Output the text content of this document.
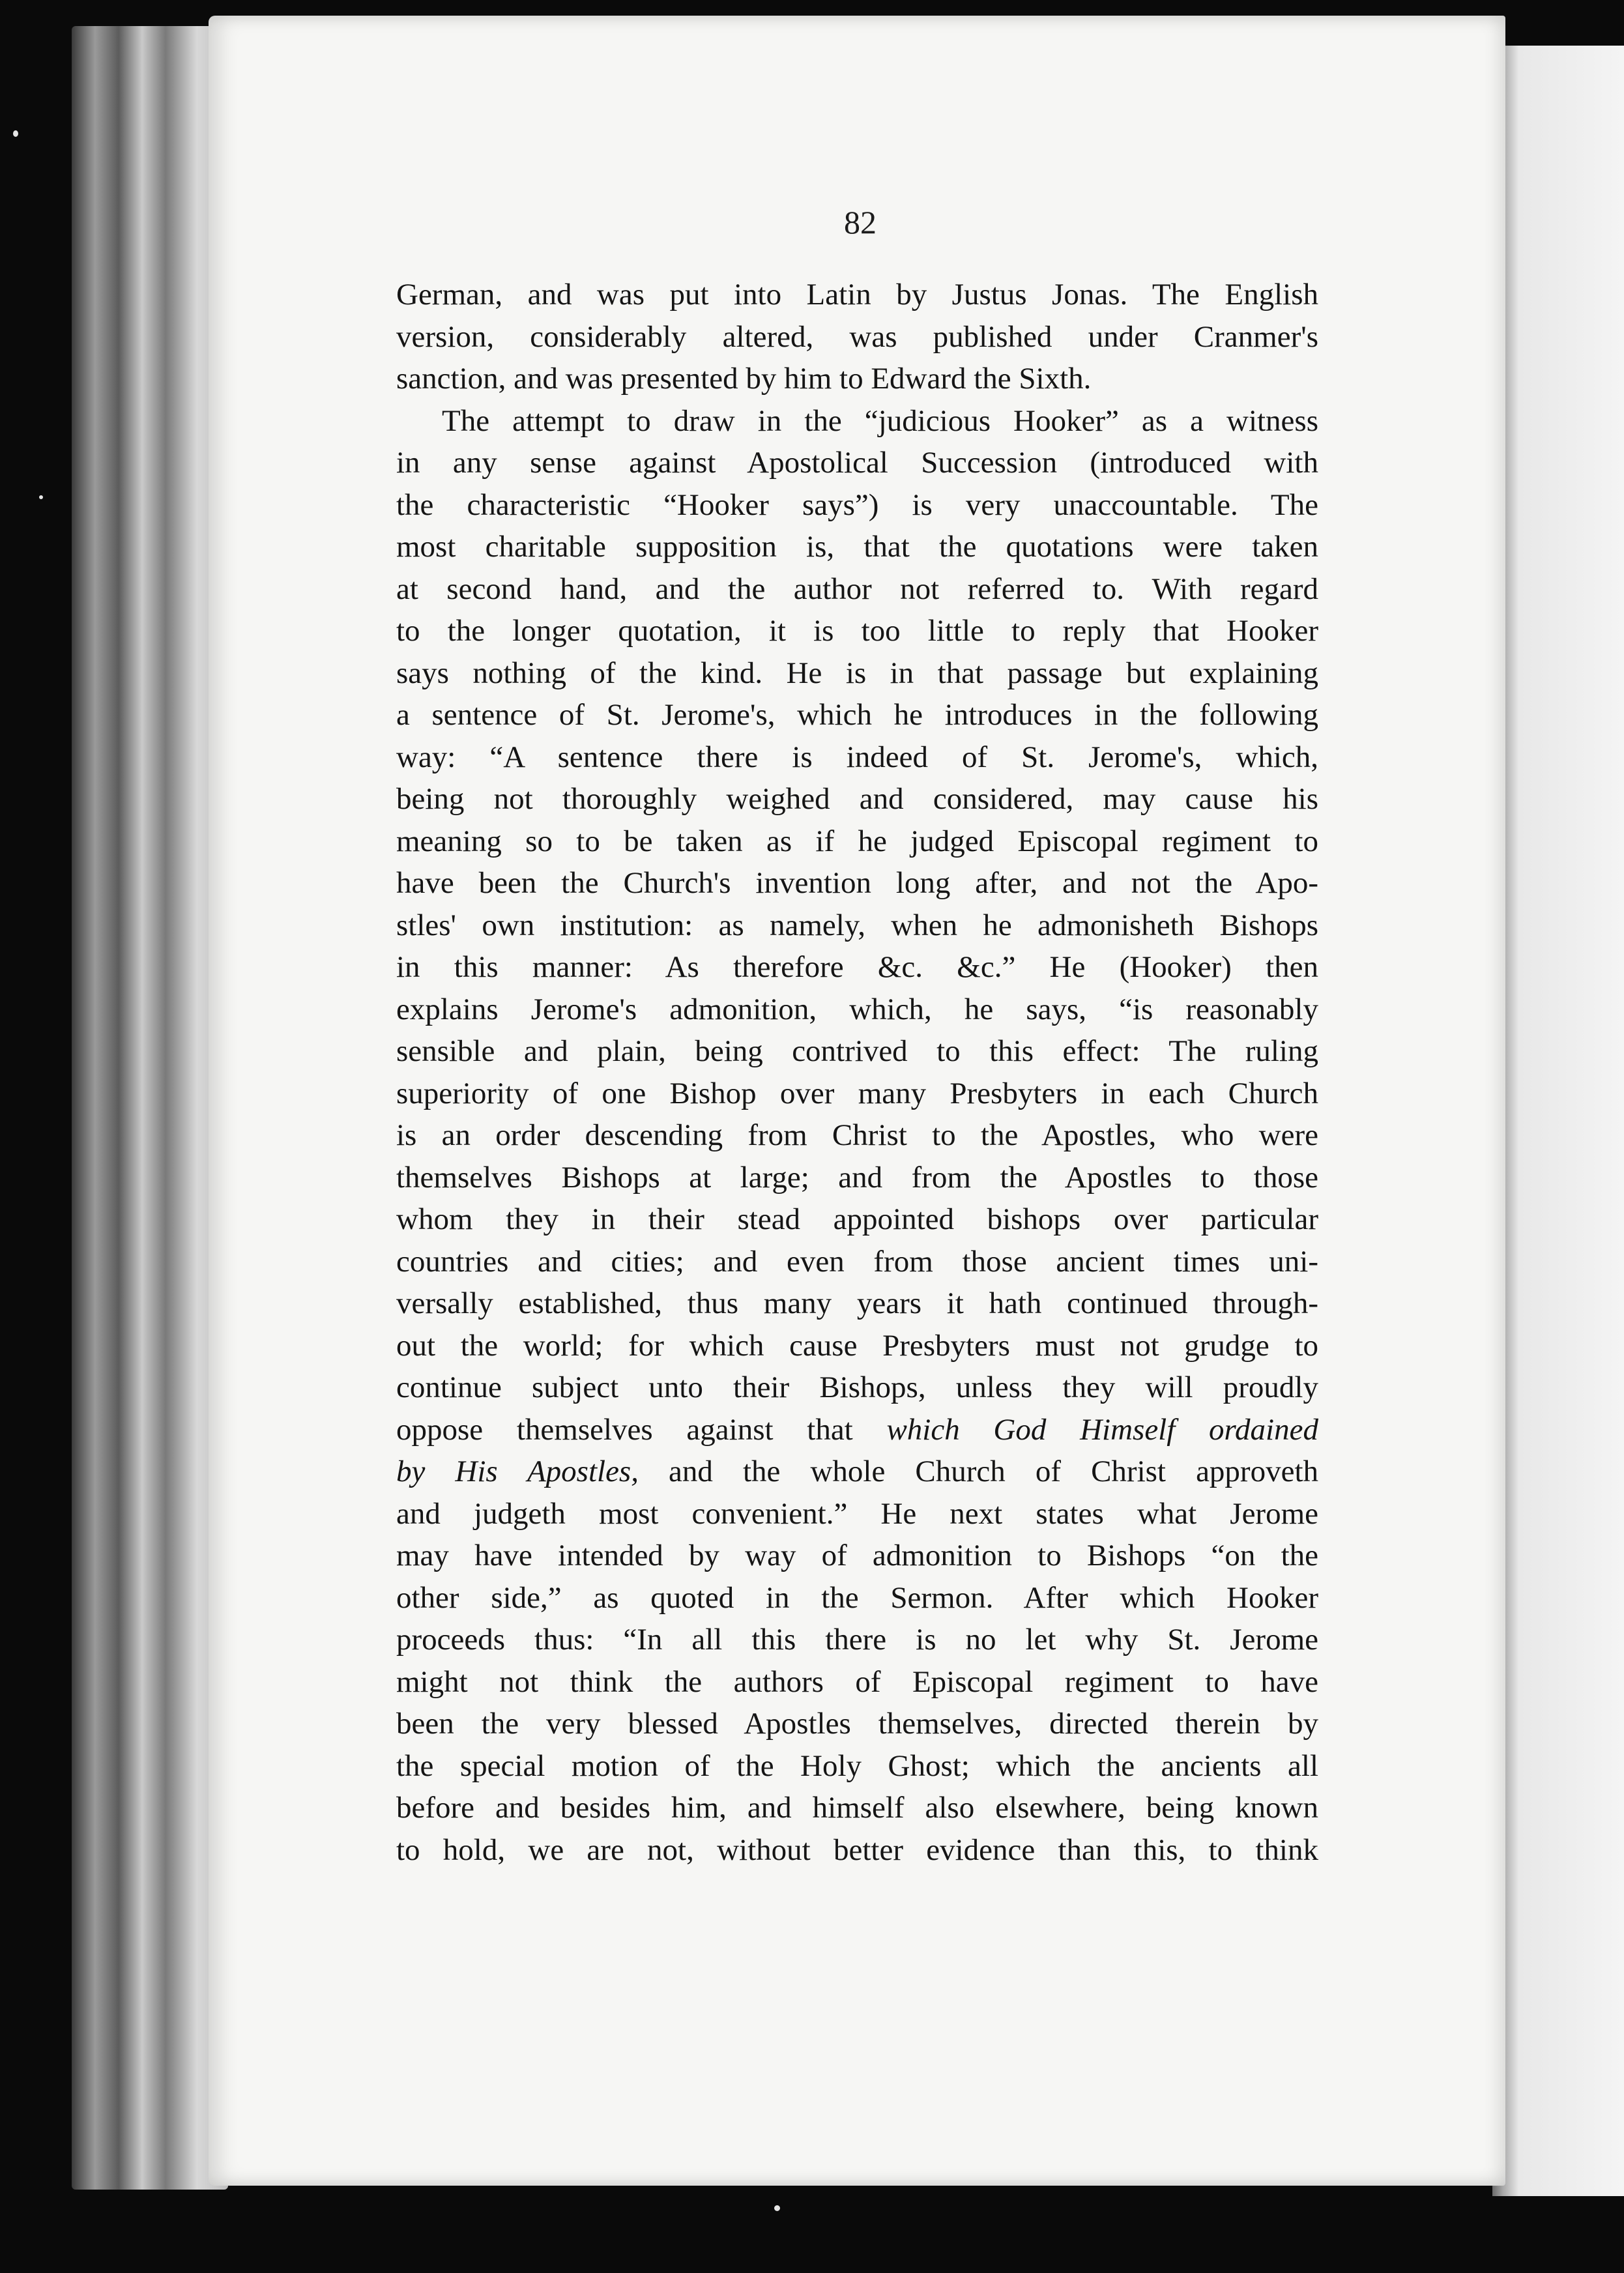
82
German, and was put into Latin by Justus Jonas. The English
version, considerably altered, was published under Cranmer's
sanction, and was presented by him to Edward the Sixth.
The attempt to draw in the “judicious Hooker” as a witness
in any sense against Apostolical Succession (introduced with
the characteristic “Hooker says”) is very unaccountable. The
most charitable supposition is, that the quotations were taken
at second hand, and the author not referred to. With regard
to the longer quotation, it is too little to reply that Hooker
says nothing of the kind. He is in that passage but explaining
a sentence of St. Jerome's, which he introduces in the following
way: “A sentence there is indeed of St. Jerome's, which,
being not thoroughly weighed and considered, may cause his
meaning so to be taken as if he judged Episcopal regiment to
have been the Church's invention long after, and not the Apo-
stles' own institution: as namely, when he admonisheth Bishops
in this manner: As therefore &c. &c.” He (Hooker) then
explains Jerome's admonition, which, he says, “is reasonably
sensible and plain, being contrived to this effect: The ruling
superiority of one Bishop over many Presbyters in each Church
is an order descending from Christ to the Apostles, who were
themselves Bishops at large; and from the Apostles to those
whom they in their stead appointed bishops over particular
countries and cities; and even from those ancient times uni-
versally established, thus many years it hath continued through-
out the world; for which cause Presbyters must not grudge to
continue subject unto their Bishops, unless they will proudly
oppose themselves against that which God Himself ordained
by His Apostles, and the whole Church of Christ approveth
and judgeth most convenient.” He next states what Jerome
may have intended by way of admonition to Bishops “on the
other side,” as quoted in the Sermon. After which Hooker
proceeds thus: “In all this there is no let why St. Jerome
might not think the authors of Episcopal regiment to have
been the very blessed Apostles themselves, directed therein by
the special motion of the Holy Ghost; which the ancients all
before and besides him, and himself also elsewhere, being known
to hold, we are not, without better evidence than this, to think
